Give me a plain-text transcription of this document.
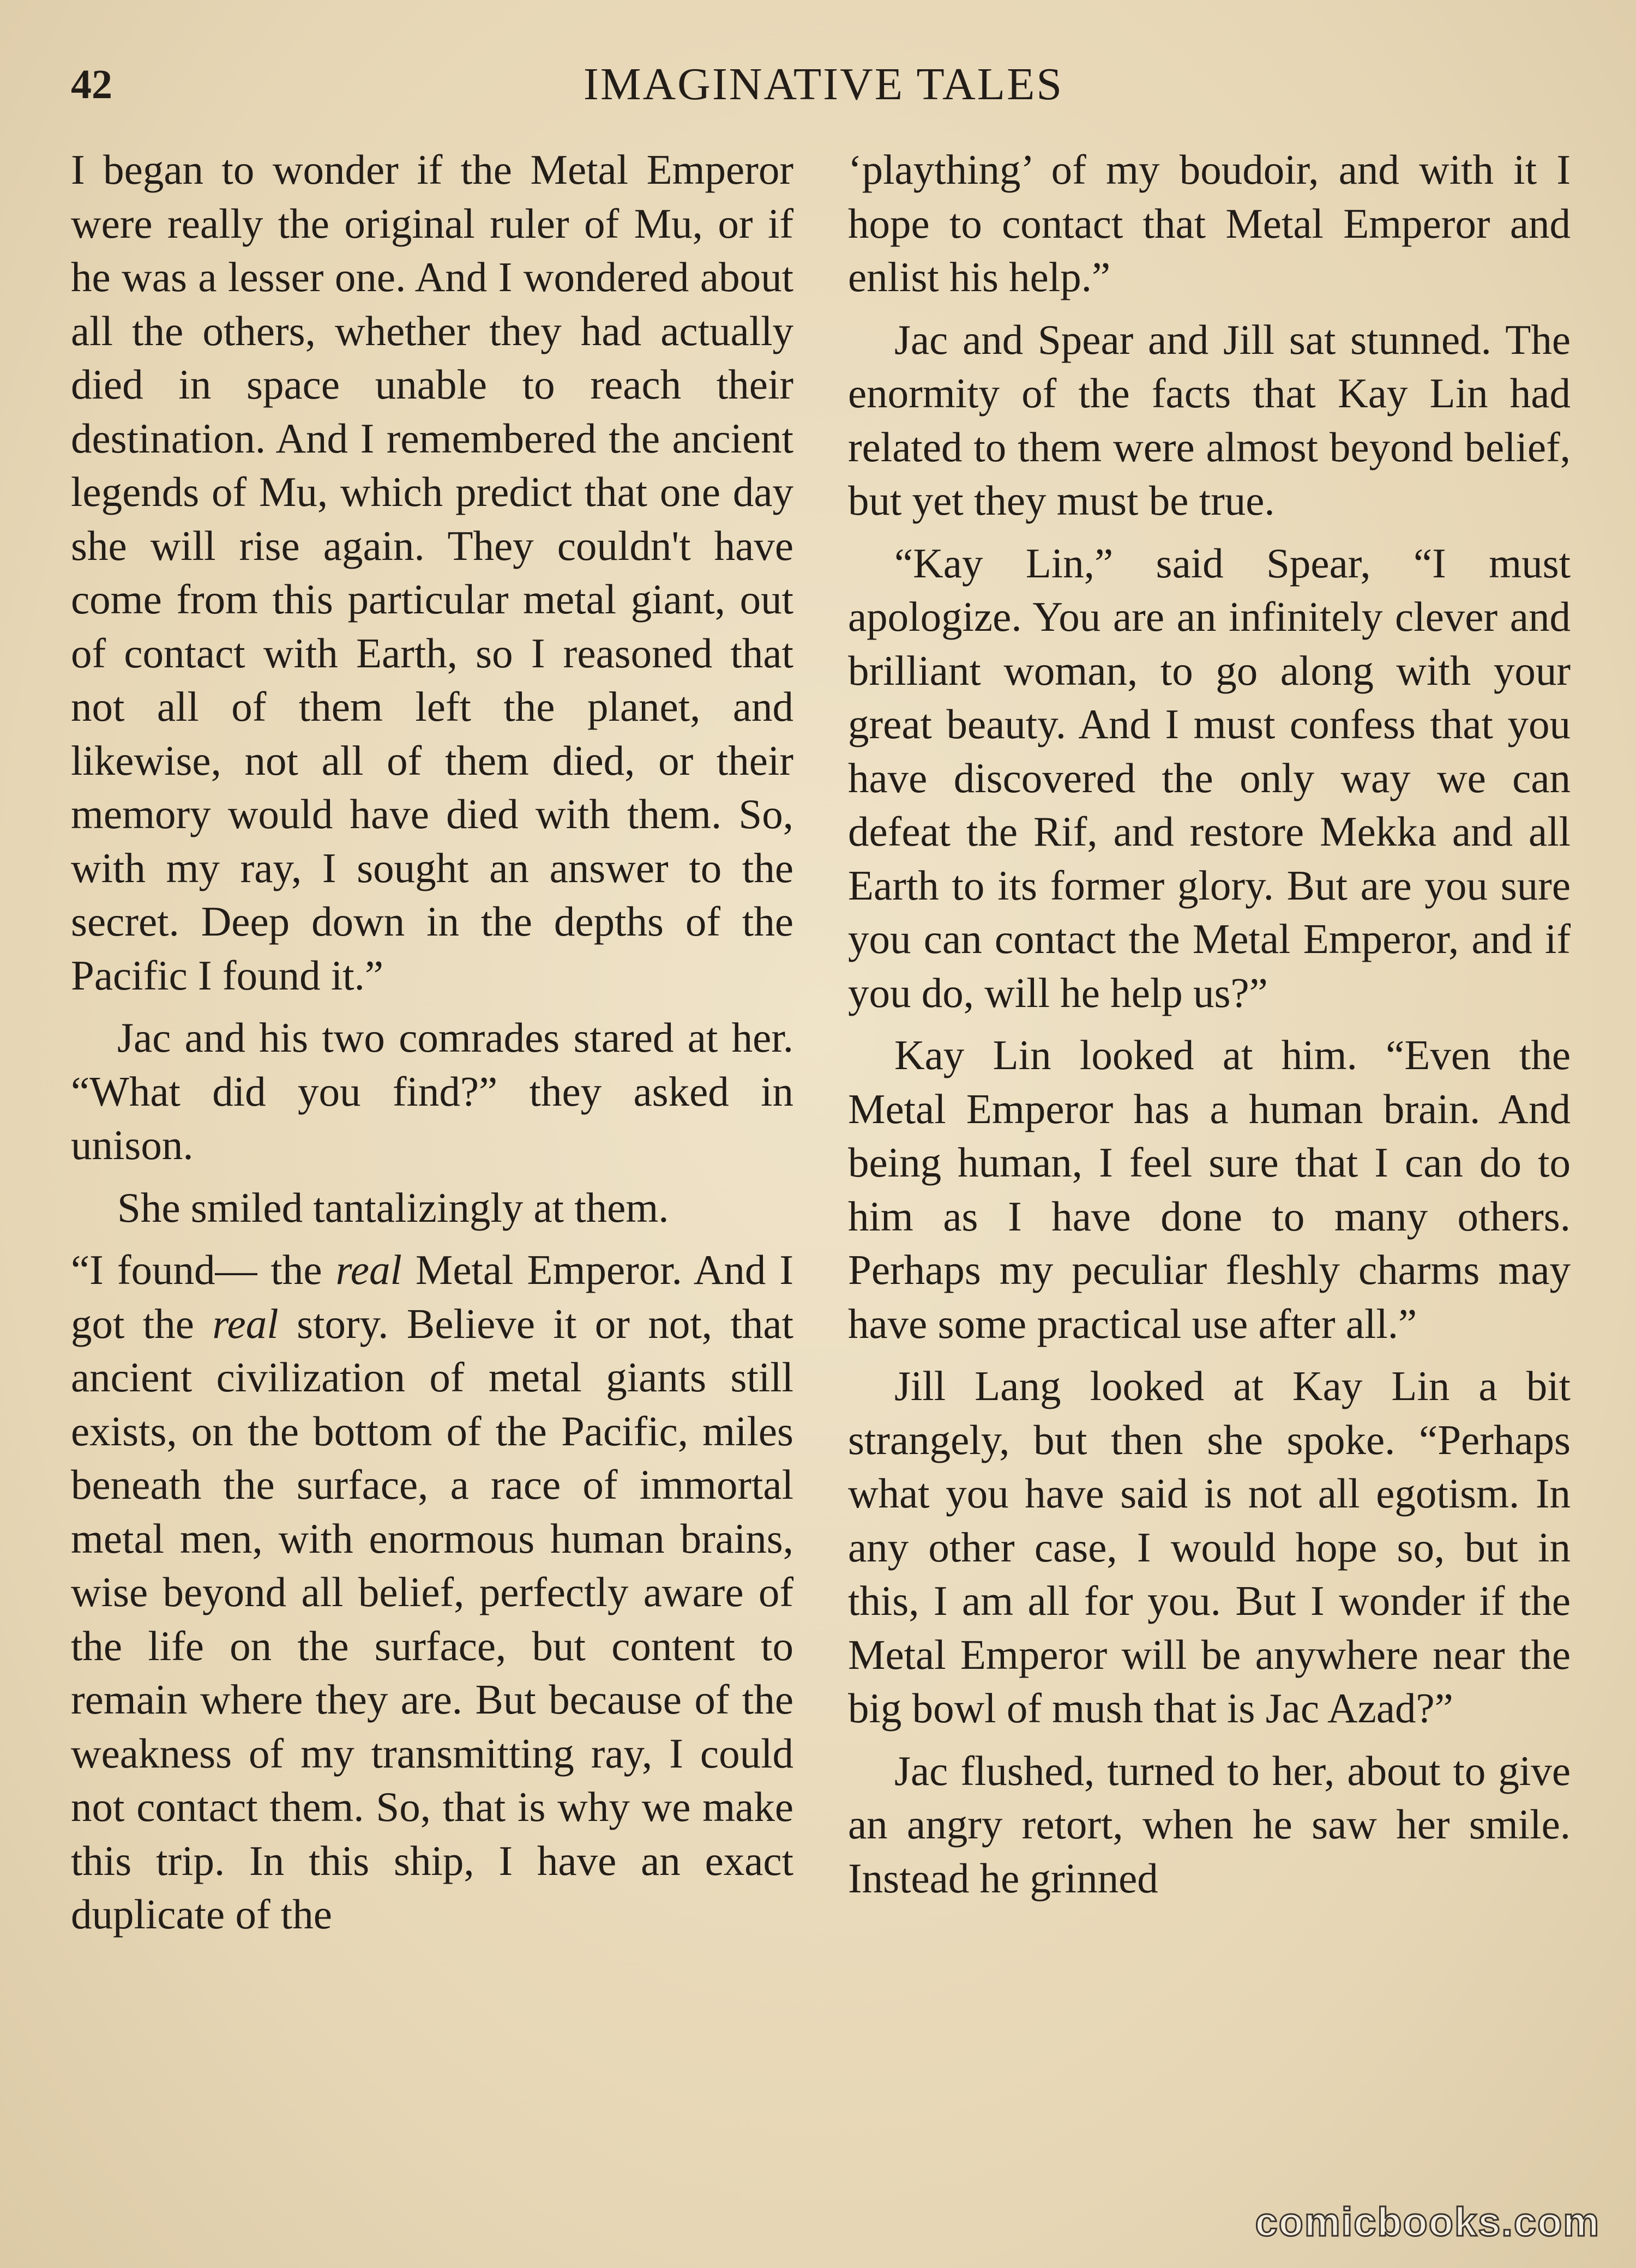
42	IMAGINATIVE TALES

I began to wonder if the Metal Emperor were really the original ruler of Mu, or if he was a lesser one. And I wondered about all the others, whether they had actually died in space unable to reach their destination. And I remembered the ancient legends of Mu, which predict that one day she will rise again. They couldn't have come from this particular metal giant, out of contact with Earth, so I reasoned that not all of them left the planet, and likewise, not all of them died, or their memory would have died with them. So, with my ray, I sought an answer to the secret. Deep down in the depths of the Pacific I found it.”

Jac and his two comrades stared at her. “What did you find?” they asked in unison.

She smiled tantalizingly at them.

“I found— the real Metal Emperor. And I got the real story. Believe it or not, that ancient civilization of metal giants still exists, on the bottom of the Pacific, miles beneath the surface, a race of immortal metal men, with enormous human brains, wise beyond all belief, perfectly aware of the life on the surface, but content to remain where they are. But because of the weakness of my transmitting ray, I could not contact them. So, that is why we make this trip. In this ship, I have an exact duplicate of the

‘plaything’ of my boudoir, and with it I hope to contact that Metal Emperor and enlist his help.”

Jac and Spear and Jill sat stunned. The enormity of the facts that Kay Lin had related to them were almost beyond belief, but yet they must be true.

“Kay Lin,” said Spear, “I must apologize. You are an infinitely clever and brilliant woman, to go along with your great beauty. And I must confess that you have discovered the only way we can defeat the Rif, and restore Mekka and all Earth to its former glory. But are you sure you can contact the Metal Emperor, and if you do, will he help us?”

Kay Lin looked at him. “Even the Metal Emperor has a human brain. And being human, I feel sure that I can do to him as I have done to many others. Perhaps my peculiar fleshly charms may have some practical use after all.”

Jill Lang looked at Kay Lin a bit strangely, but then she spoke. “Perhaps what you have said is not all egotism. In any other case, I would hope so, but in this, I am all for you. But I wonder if the Metal Emperor will be anywhere near the big bowl of mush that is Jac Azad?”

Jac flushed, turned to her, about to give an angry retort, when he saw her smile. Instead he grinned

comicbooks.com
